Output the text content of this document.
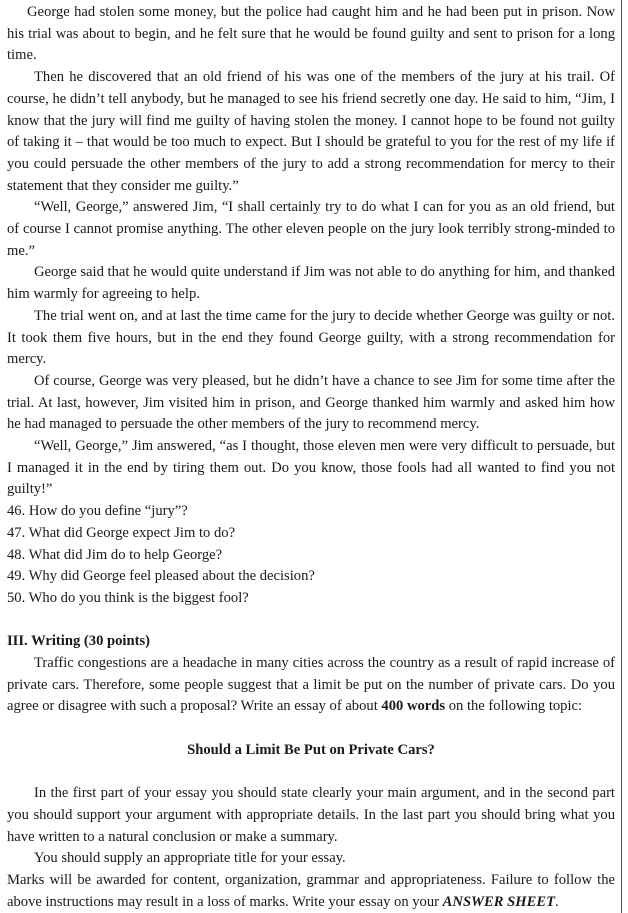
George had stolen some money, but the police had caught him and he had been put in prison. Now his trial was about to begin, and he felt sure that he would be found guilty and sent to prison for a long time.

Then he discovered that an old friend of his was one of the members of the jury at his trail. Of course, he didn’t tell anybody, but he managed to see his friend secretly one day. He said to him, “Jim, I know that the jury will find me guilty of having stolen the money. I cannot hope to be found not guilty of taking it – that would be too much to expect. But I should be grateful to you for the rest of my life if you could persuade the other members of the jury to add a strong recommendation for mercy to their statement that they consider me guilty.”

“Well, George,” answered Jim, “I shall certainly try to do what I can for you as an old friend, but of course I cannot promise anything. The other eleven people on the jury look terribly strong-minded to me.”

George said that he would quite understand if Jim was not able to do anything for him, and thanked him warmly for agreeing to help.

The trial went on, and at last the time came for the jury to decide whether George was guilty or not. It took them five hours, but in the end they found George guilty, with a strong recommendation for mercy.

Of course, George was very pleased, but he didn’t have a chance to see Jim for some time after the trial. At last, however, Jim visited him in prison, and George thanked him warmly and asked him how he had managed to persuade the other members of the jury to recommend mercy.

“Well, George,” Jim answered, “as I thought, those eleven men were very difficult to persuade, but I managed it in the end by tiring them out. Do you know, those fools had all wanted to find you not guilty!”

46. How do you define “jury”?
47. What did George expect Jim to do?
48. What did Jim do to help George?
49. Why did George feel pleased about the decision?
50. Who do you think is the biggest fool?
III. Writing (30 points)

Traffic congestions are a headache in many cities across the country as a result of rapid increase of private cars. Therefore, some people suggest that a limit be put on the number of private cars. Do you agree or disagree with such a proposal? Write an essay of about 400 words on the following topic:

Should a Limit Be Put on Private Cars?

In the first part of your essay you should state clearly your main argument, and in the second part you should support your argument with appropriate details. In the last part you should bring what you have written to a natural conclusion or make a summary.

You should supply an appropriate title for your essay.

Marks will be awarded for content, organization, grammar and appropriateness. Failure to follow the above instructions may result in a loss of marks. Write your essay on your ANSWER SHEET.
